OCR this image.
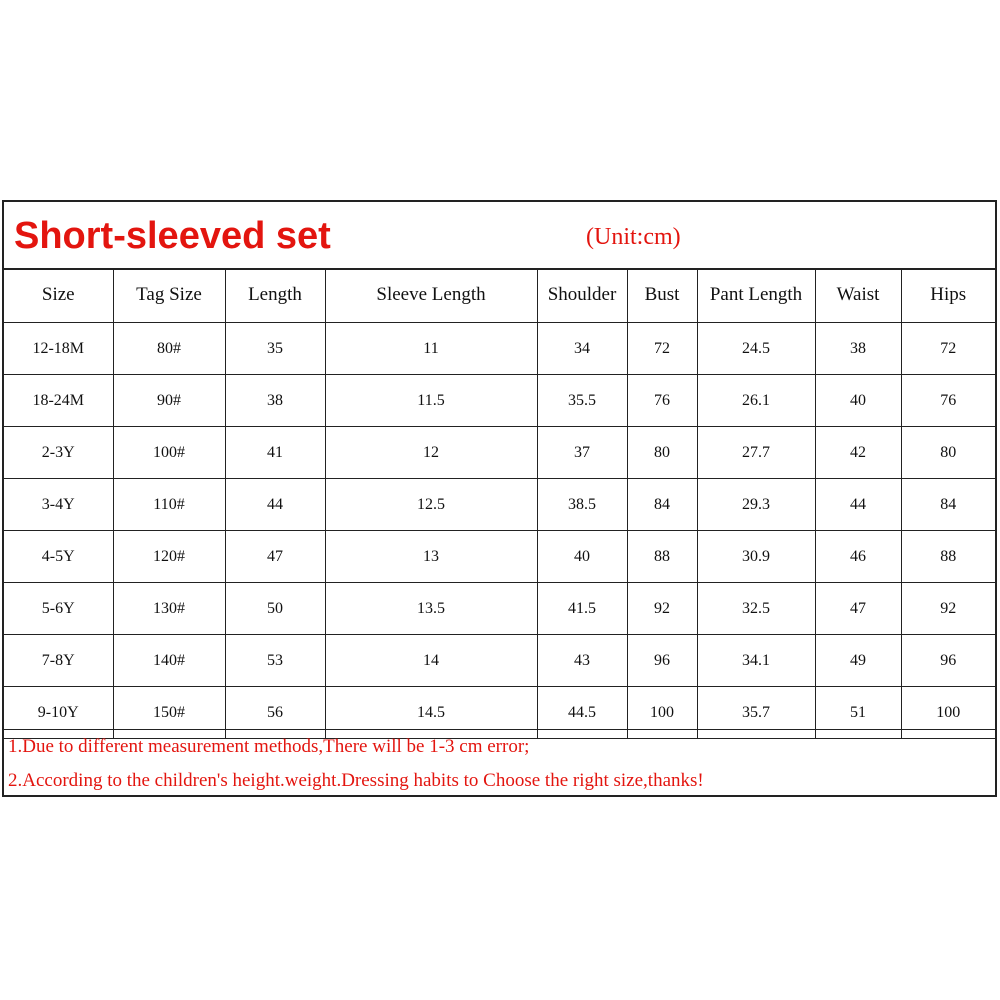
Short-sleeved set	(Unit:cm)
Size	Tag Size	Length	Sleeve Length	Shoulder	Bust	Pant Length	Waist	Hips
12-18M	80#	35	11	34	72	24.5	38	72
18-24M	90#	38	11.5	35.5	76	26.1	40	76
2-3Y	100#	41	12	37	80	27.7	42	80
3-4Y	110#	44	12.5	38.5	84	29.3	44	84
4-5Y	120#	47	13	40	88	30.9	46	88
5-6Y	130#	50	13.5	41.5	92	32.5	47	92
7-8Y	140#	53	14	43	96	34.1	49	96
9-10Y	150#	56	14.5	44.5	100	35.7	51	100
1.Due to different measurement methods,There will be 1-3 cm error;
2.According to the children's height.weight.Dressing habits to Choose the right size,thanks!
